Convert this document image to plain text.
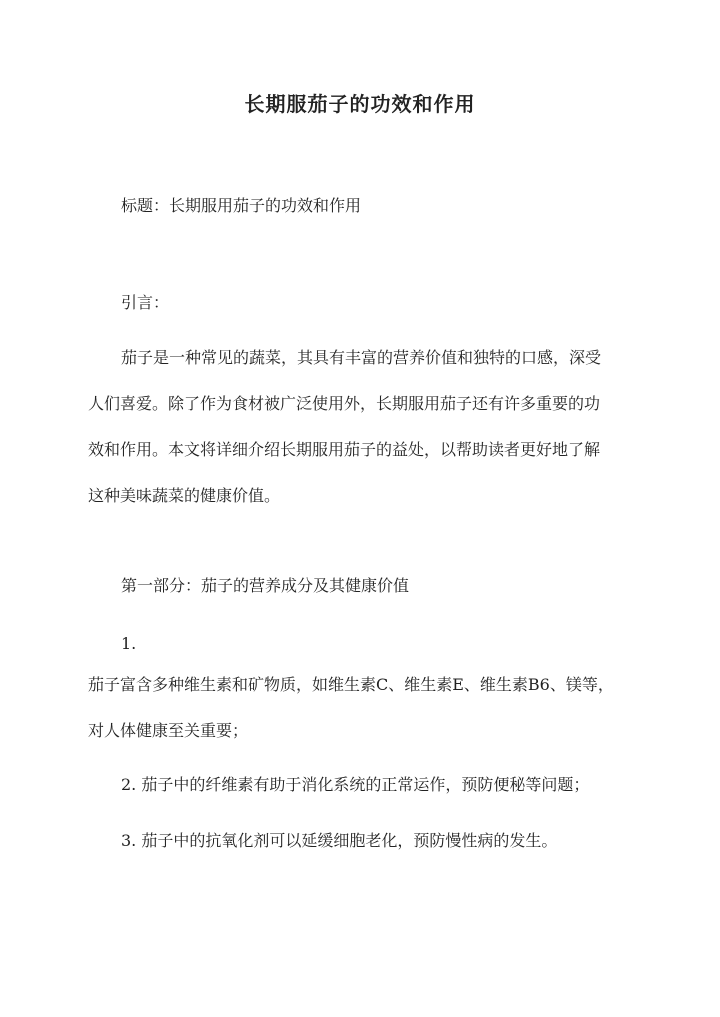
长期服茄子的功效和作用

标题：长期服用茄子的功效和作用

引言：

茄子是一种常见的蔬菜，其具有丰富的营养价值和独特的口感，深受
人们喜爱。除了作为食材被广泛使用外，长期服用茄子还有许多重要的功
效和作用。本文将详细介绍长期服用茄子的益处，以帮助读者更好地了解
这种美味蔬菜的健康价值。

第一部分：茄子的营养成分及其健康价值

1.

茄子富含多种维生素和矿物质，如维生素C、维生素E、维生素B6、镁等，
对人体健康至关重要；

2. 茄子中的纤维素有助于消化系统的正常运作，预防便秘等问题；

3. 茄子中的抗氧化剂可以延缓细胞老化，预防慢性病的发生。
